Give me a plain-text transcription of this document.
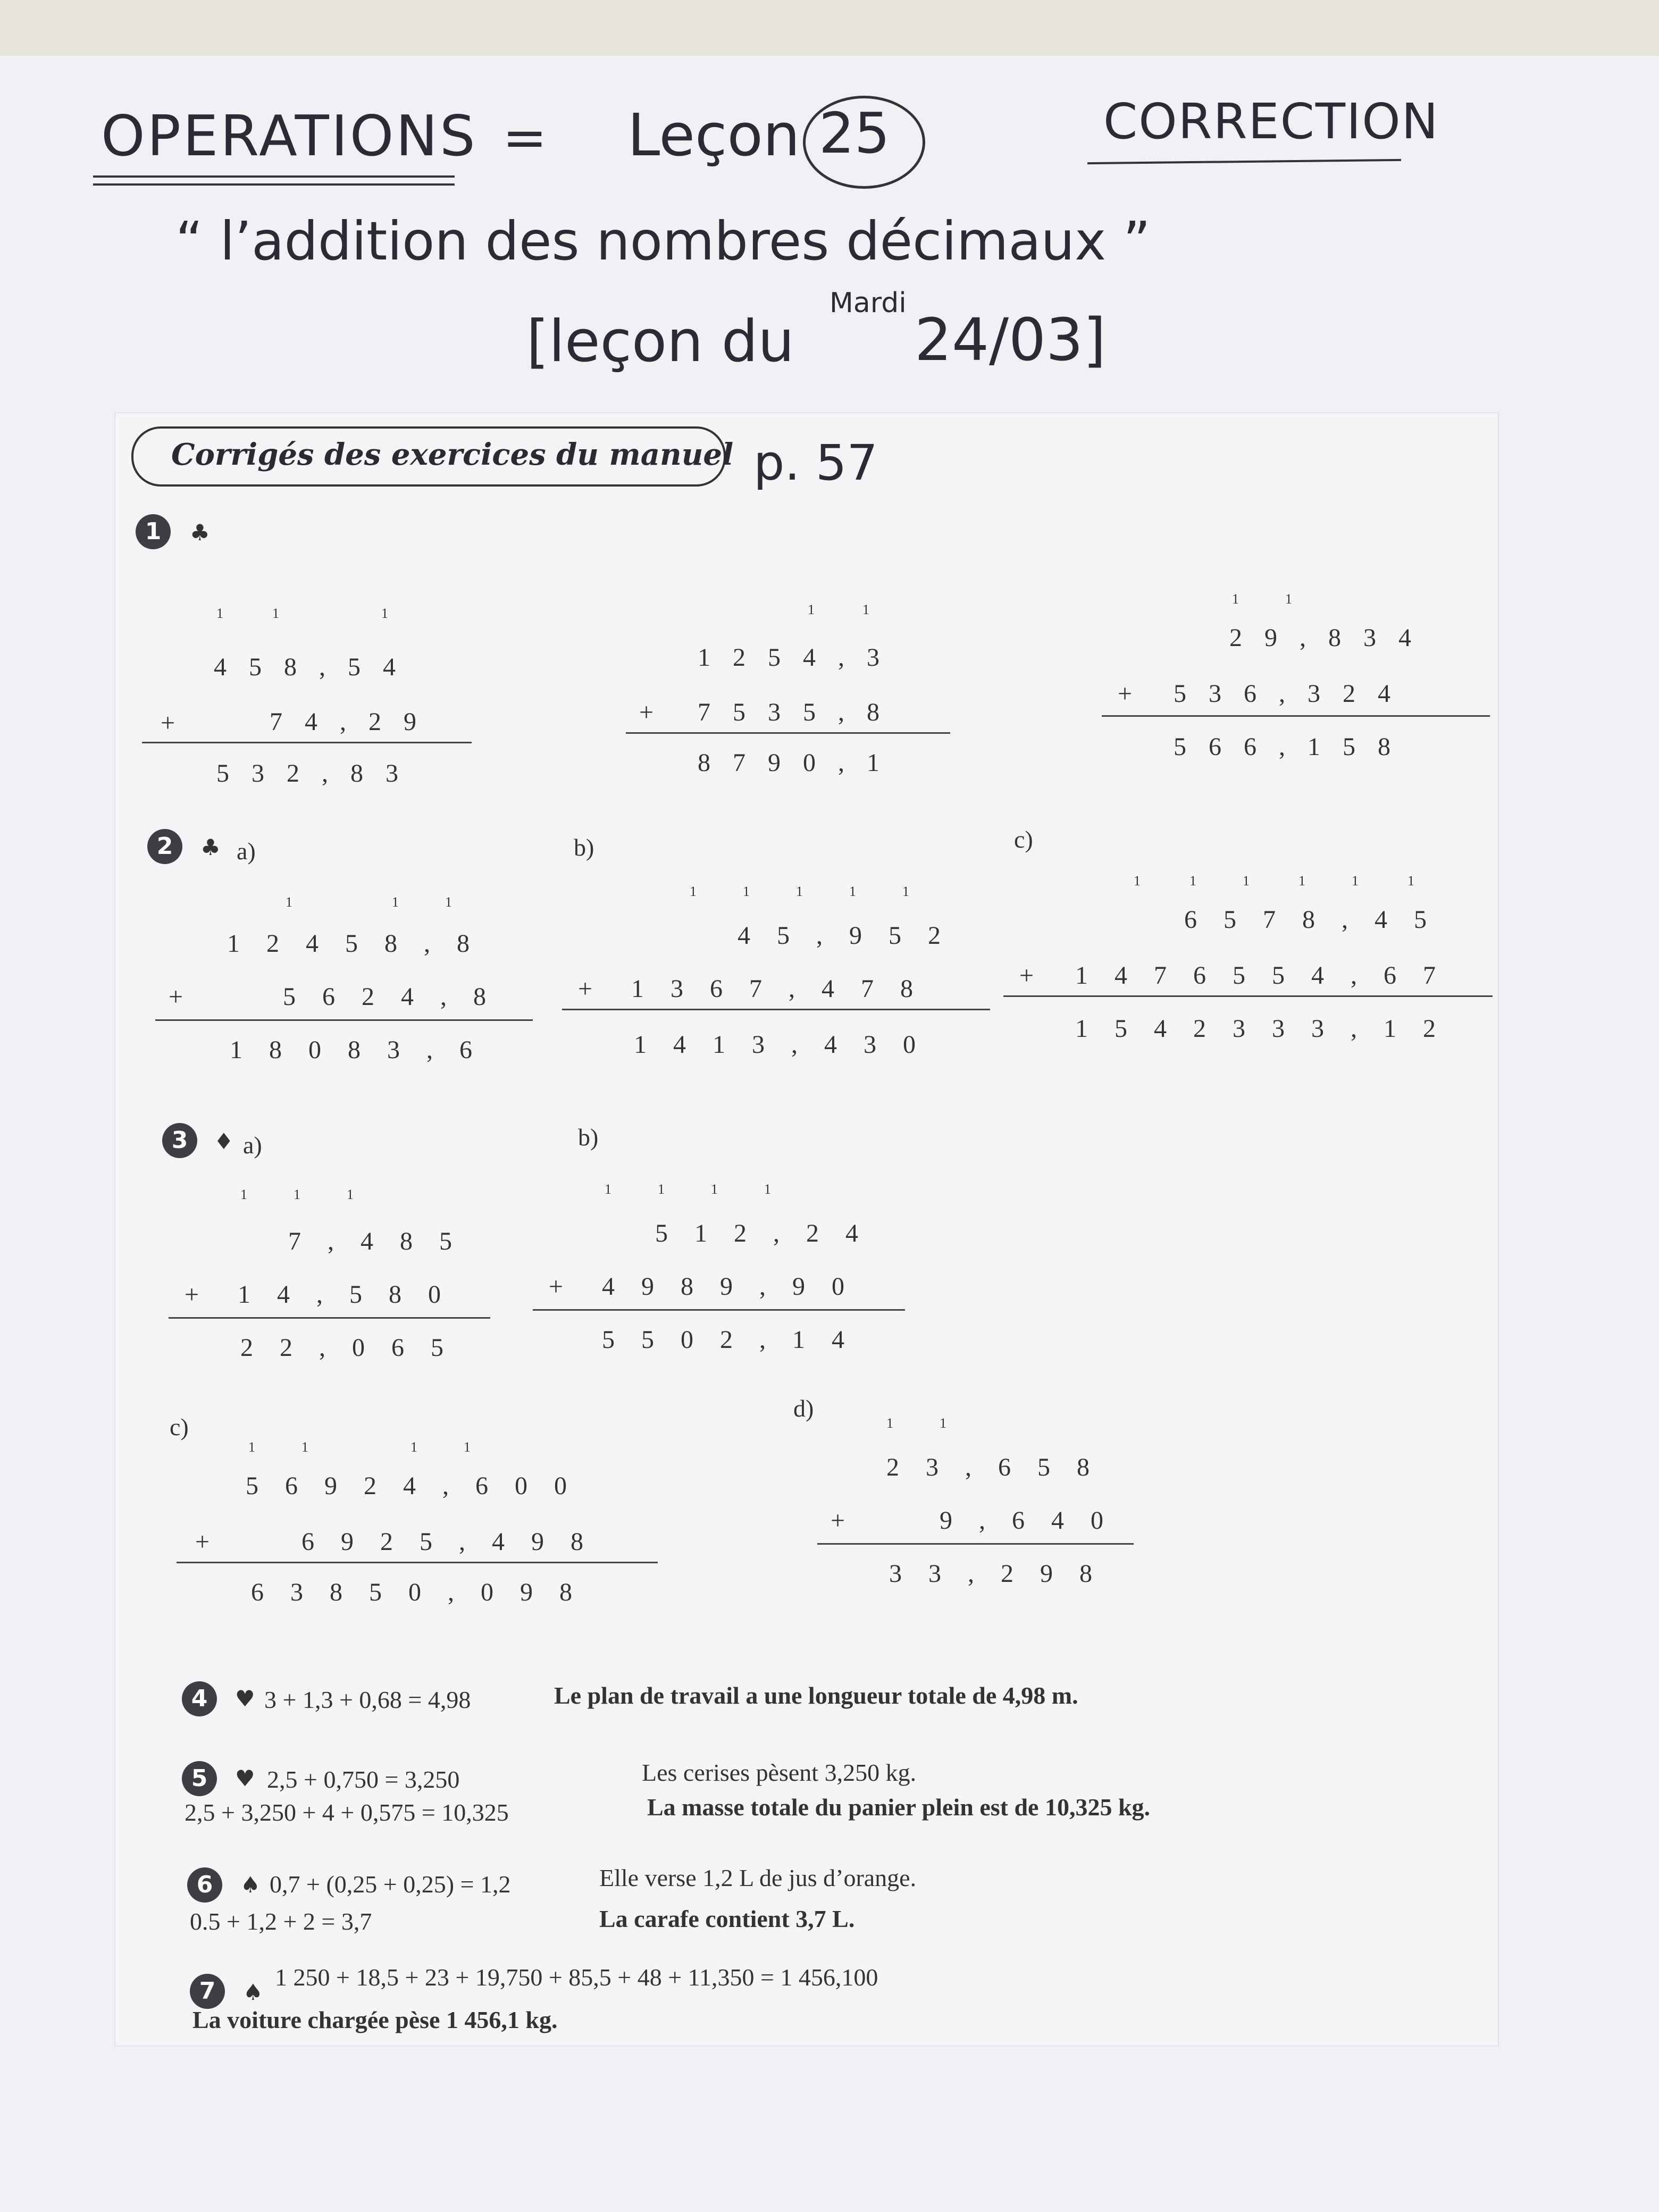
OPERATIONS = Leçon 25	CORRECTION
“ l’addition des nombres décimaux ”
[leçon du
Mardi
24/03]
Corrigés des exercices du manuel p. 57
1	♣
1	1	1
458,54
+	74,29
532,83
1	1
1254,3
+ 7535,8
8790,1
1	1
29,834
+ 536,324
566,158
2	♣ a)	b)	c)
1	1	1
12458,8
+	5624,8
18083,6
1	1	1	1	1
45,952
+ 1367,478
1413,430
1	1	1	1	1	1
6578,45
+ 1476554,67
1542333,12
3	♦ a)	b)
1	1	1
7,485
+ 14,580
22,065
1	1	1	1
512,24
+ 4989,90
5502,14
c)
d)
1	1	1	1
56924,600
+	6925,498
63850,098
1	1
23,658
+	9,640
33,298
4	♥ 3 + 1,3 + 0,68 = 4,98	Le plan de travail a une longueur totale de 4,98 m.
5	♥ 2,5 + 0,750 = 3,250
2,5 + 3,250 + 4 + 0,575 = 10,325
Les cerises pèsent 3,250 kg.
La masse totale du panier plein est de 10,325 kg.
6	♠ 0,7 + (0,25 + 0,25) = 1,2
0.5 + 1,2 + 2 = 3,7
Elle verse 1,2 L de jus d’orange.
La carafe contient 3,7 L.
7	♠
1 250 + 18,5 + 23 + 19,750 + 85,5 + 48 + 11,350 = 1 456,100
La voiture chargée pèse 1 456,1 kg.
